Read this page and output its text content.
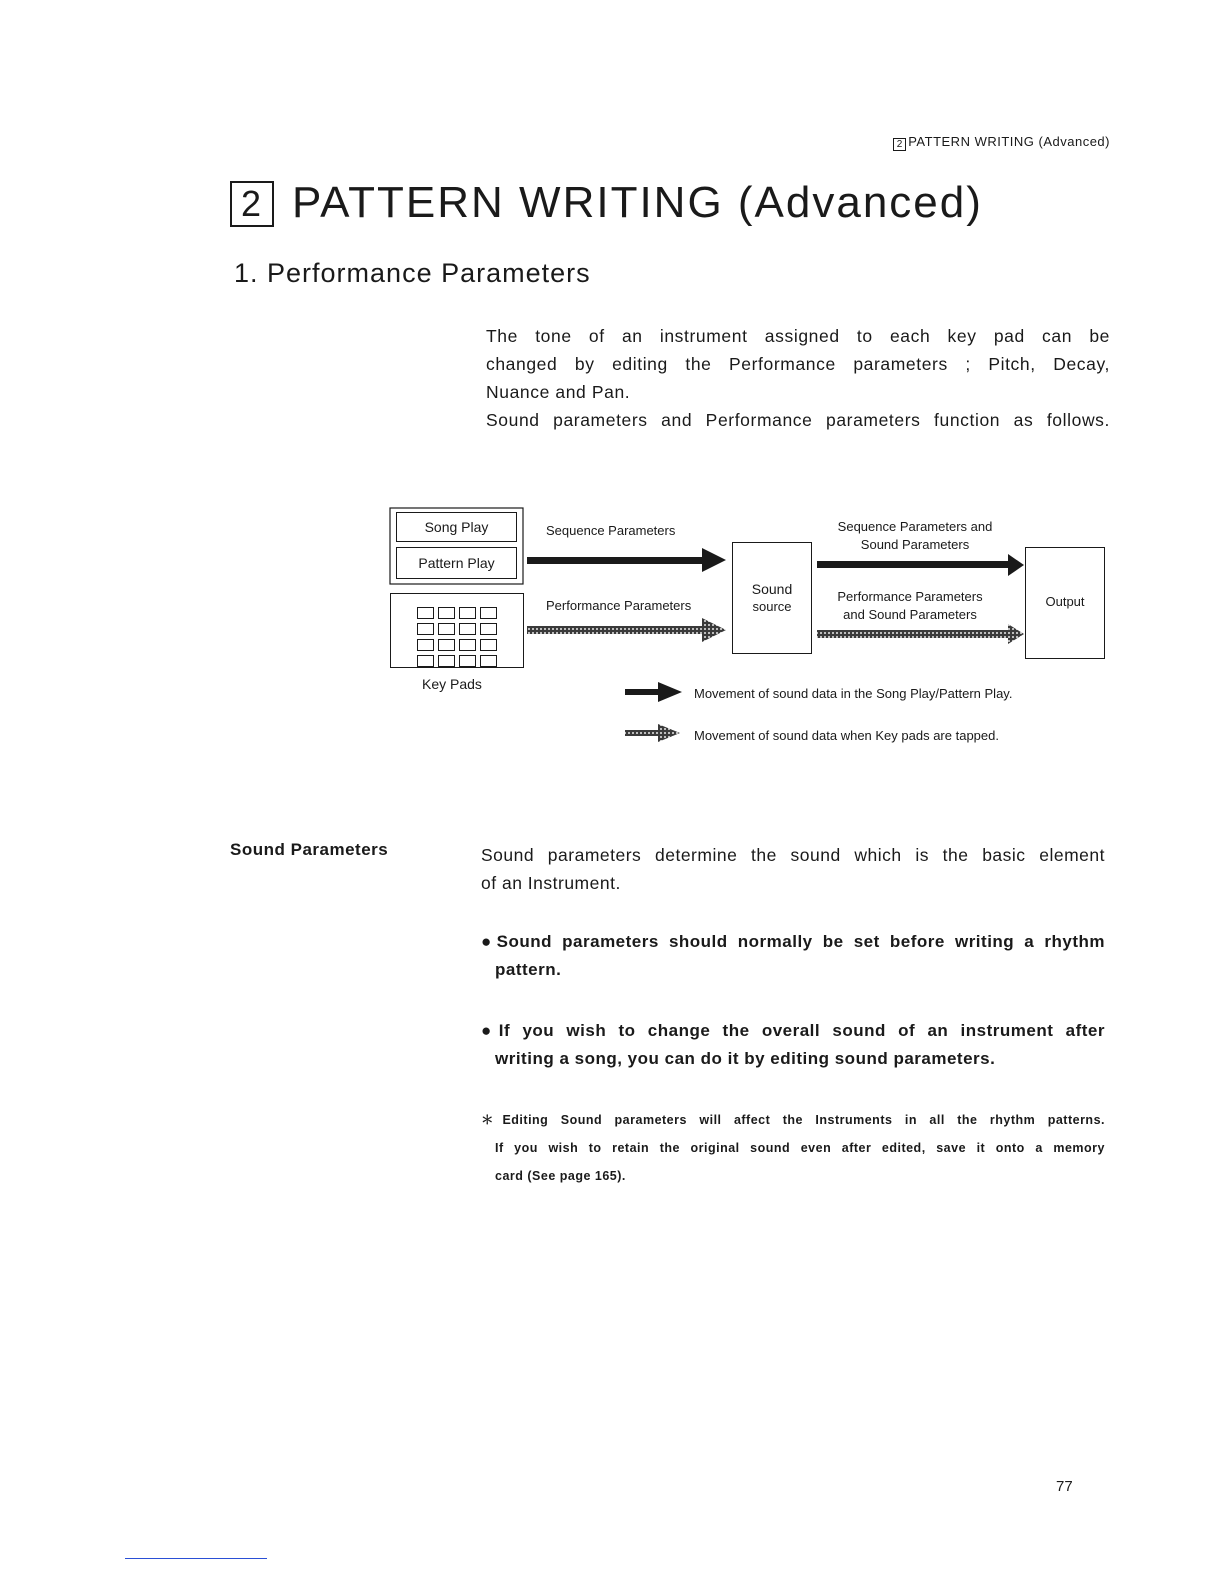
2 PATTERN WRITING (Advanced)
2 PATTERN WRITING (Advanced)
1. Performance Parameters

The tone of an instrument assigned to each key pad can be

changed by editing the Performance parameters ; Pitch, Decay,

Nuance and Pan.

Sound parameters and Performance parameters function as follows.

Song Play
Pattern Play
Key Pads
Sequence Parameters
Performance Parameters
Sound
source
Sequence Parameters and
Sound Parameters
Performance Parameters
and Sound Parameters
Output
Movement of sound data in the Song Play/Pattern Play.
Movement of sound data when Key pads are tapped.
Sound Parameters	Sound parameters determine the sound which is the basic element

of an Instrument.

●Sound parameters should normally be set before writing a rhythm

pattern.

●If you wish to change the overall sound of an instrument after

writing a song, you can do it by editing sound parameters.

＊Editing Sound parameters will affect the Instruments in all the rhythm patterns.

If you wish to retain the original sound even after edited, save it onto a memory

card (See page 165).

77
